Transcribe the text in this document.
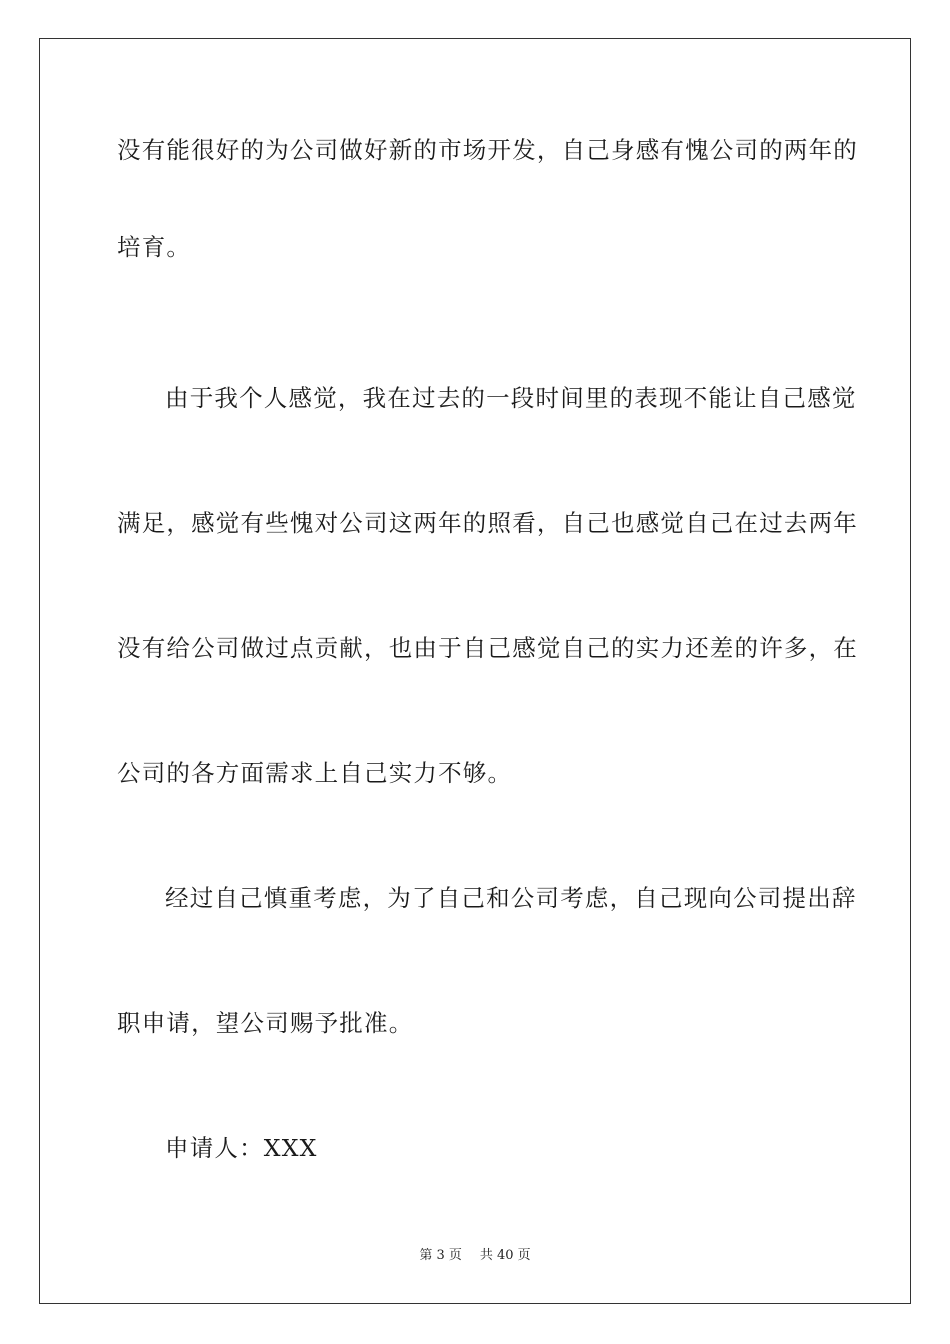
没有能很好的为公司做好新的市场开发，自己身感有愧公司的两年的
培育。
由于我个人感觉，我在过去的一段时间里的表现不能让自己感觉
满足，感觉有些愧对公司这两年的照看，自己也感觉自己在过去两年
没有给公司做过点贡献，也由于自己感觉自己的实力还差的许多，在
公司的各方面需求上自己实力不够。
经过自己慎重考虑，为了自己和公司考虑，自己现向公司提出辞
职申请，望公司赐予批准。
申请人：XXX
第 3 页 共 40 页
